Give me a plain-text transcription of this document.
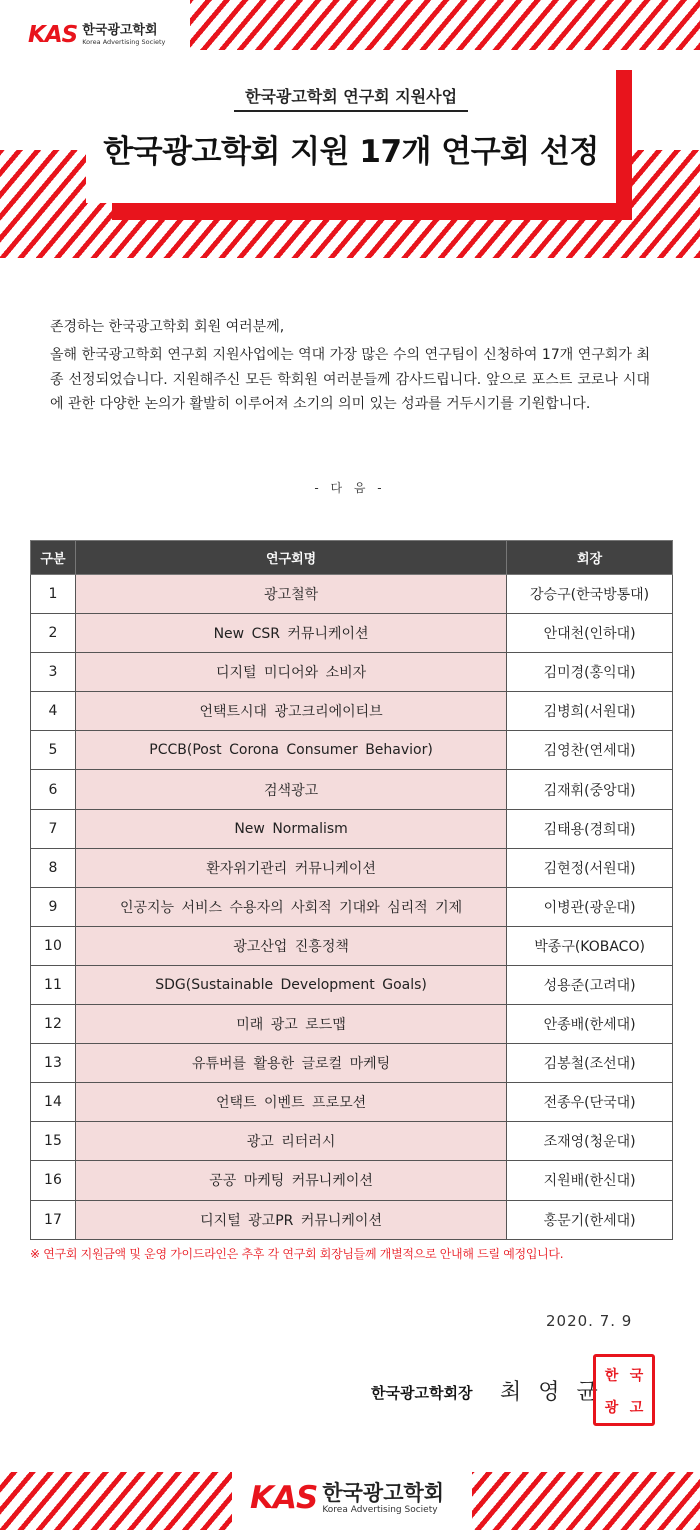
한국광고학회 연구회 지원사업
한국광고학회 지원 17개 연구회 선정
KAS 한국광고학회
Korea Advertising Society

존경하는 한국광고학회 회원 여러분께,

올해 한국광고학회 연구회 지원사업에는 역대 가장 많은 수의 연구팀이 신청하여 17개 연구회가 최종 선정되었습니다. 지원해주신 모든 학회원 여러분들께 감사드립니다. 앞으로 포스트 코로나 시대에 관한 다양한 논의가 활발히 이루어져 소기의 의미 있는 성과를 거두시기를 기원합니다.

- 다 음 -
구분	연구회명	회장
1	광고철학	강승구(한국방통대)
2	New CSR 커뮤니케이션	안대천(인하대)
3	디지털 미디어와 소비자	김미경(홍익대)
4	언택트시대 광고크리에이티브	김병희(서원대)
5	PCCB(Post Corona Consumer Behavior)	김영찬(연세대)
6	검색광고	김재휘(중앙대)
7	New Normalism	김태용(경희대)
8	환자위기관리 커뮤니케이션	김현정(서원대)
9	인공지능 서비스 수용자의 사회적 기대와 심리적 기제	이병관(광운대)
10	광고산업 진흥정책	박종구(KOBACO)
11	SDG(Sustainable Development Goals)	성용준(고려대)
12	미래 광고 로드맵	안종배(한세대)
13	유튜버를 활용한 글로컬 마케팅	김봉철(조선대)
14	언택트 이벤트 프로모션	전종우(단국대)
15	광고 리터러시	조재영(청운대)
16	공공 마케팅 커뮤니케이션	지원배(한신대)
17	디지털 광고PR 커뮤니케이션	홍문기(한세대)

※ 연구회 지원금액 및 운영 가이드라인은 추후 각 연구회 회장님들께 개별적으로 안내해 드릴 예정입니다.

2020. 7. 9
한국광고학회장 최 영 균
한 국
광 고
KAS 한국광고학회
Korea Advertising Society
